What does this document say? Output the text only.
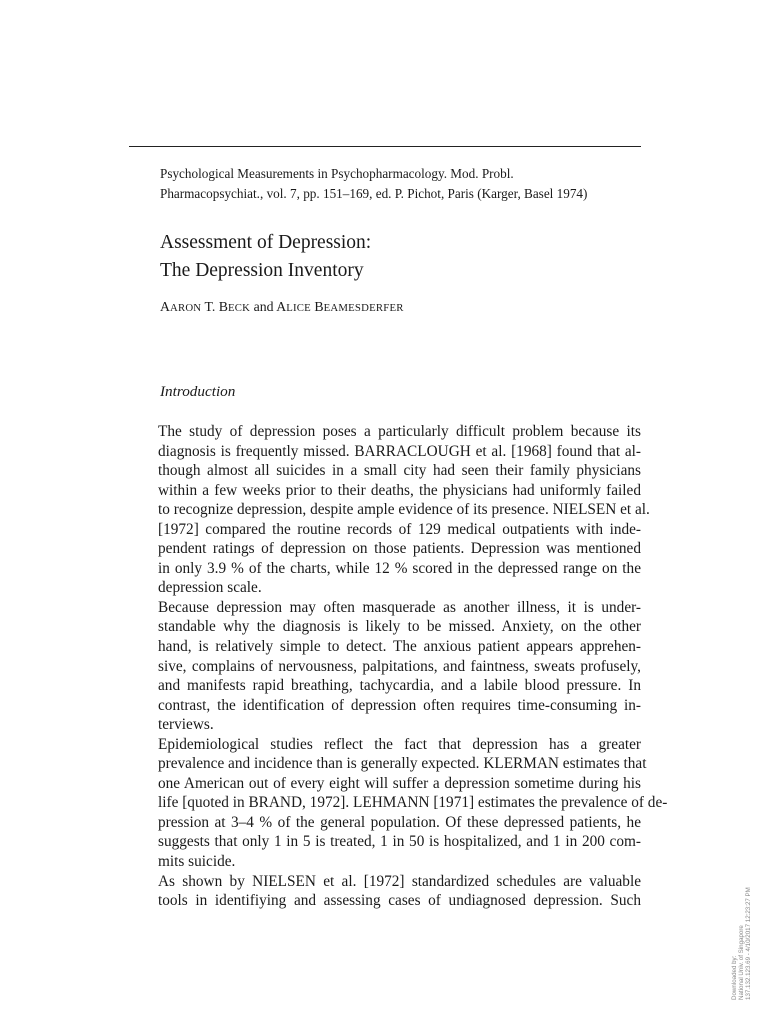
Psychological Measurements in Psychopharmacology. Mod. Probl.
Pharmacopsychiat., vol. 7, pp. 151–169, ed. P. Pichot, Paris (Karger, Basel 1974)
Assessment of Depression:
The Depression Inventory
AARON T. BECK and ALICE BEAMESDERFER
Introduction

The study of depression poses a particularly difficult problem because its
diagnosis is frequently missed. BARRACLOUGH et al. [1968] found that al-
though almost all suicides in a small city had seen their family physicians
within a few weeks prior to their deaths, the physicians had uniformly failed
to recognize depression, despite ample evidence of its presence. NIELSEN et al.
[1972] compared the routine records of 129 medical outpatients with inde-
pendent ratings of depression on those patients. Depression was mentioned
in only 3.9 % of the charts, while 12 % scored in the depressed range on the
depression scale.

Because depression may often masquerade as another illness, it is under-
standable why the diagnosis is likely to be missed. Anxiety, on the other
hand, is relatively simple to detect. The anxious patient appears apprehen-
sive, complains of nervousness, palpitations, and faintness, sweats profusely,
and manifests rapid breathing, tachycardia, and a labile blood pressure. In
contrast, the identification of depression often requires time-consuming in-
terviews.

Epidemiological studies reflect the fact that depression has a greater
prevalence and incidence than is generally expected. KLERMAN estimates that
one American out of every eight will suffer a depression sometime during his
life [quoted in BRAND, 1972]. LEHMANN [1971] estimates the prevalence of de-
pression at 3–4 % of the general population. Of these depressed patients, he
suggests that only 1 in 5 is treated, 1 in 50 is hospitalized, and 1 in 200 com-
mits suicide.

As shown by NIELSEN et al. [1972] standardized schedules are valuable
tools in identifiying and assessing cases of undiagnosed depression. Such

Downloaded by: National Univ. of Singapore 137.132.123.69 - 4/10/2017 12:23:27 PM
